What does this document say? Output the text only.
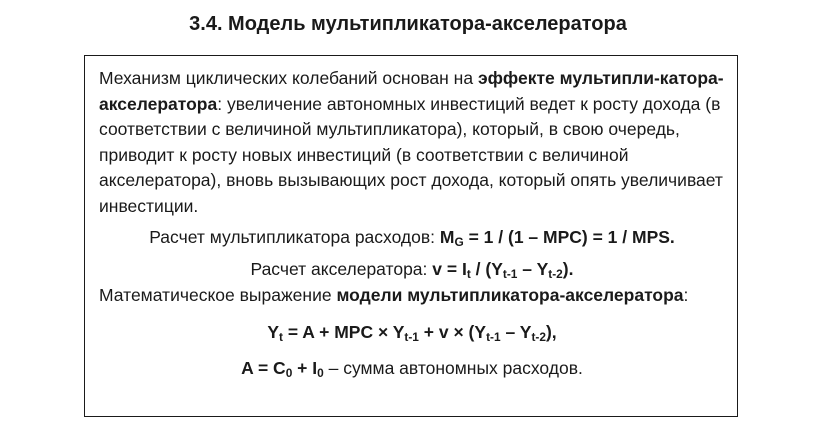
3.4. Модель мультипликатора-акселератора

Механизм циклических колебаний основан на эффекте мультипли-катора-акселератора: увеличение автономных инвестиций ведет к росту дохода (в соответствии с величиной мультипликатора), который, в свою очередь, приводит к росту новых инвестиций (в соответствии с величиной акселератора), вновь вызывающих рост дохода, который опять увеличивает инвестиции.

Расчет мультипликатора расходов: $M_G = 1 / (1 - MPC) = 1$ / MPS.

Расчет акселератора: $v = I_t / (Y_{t-1} - Y_{t-2})$.

Математическое выражение модели мультипликатора-акселератора:

$Y_t = A$ + MPC × $Y_{t-1} + v \times (Y_{t-1} - Y_{t-2})$,

$A = C_0 + I_0$ – сумма автономных расходов.
